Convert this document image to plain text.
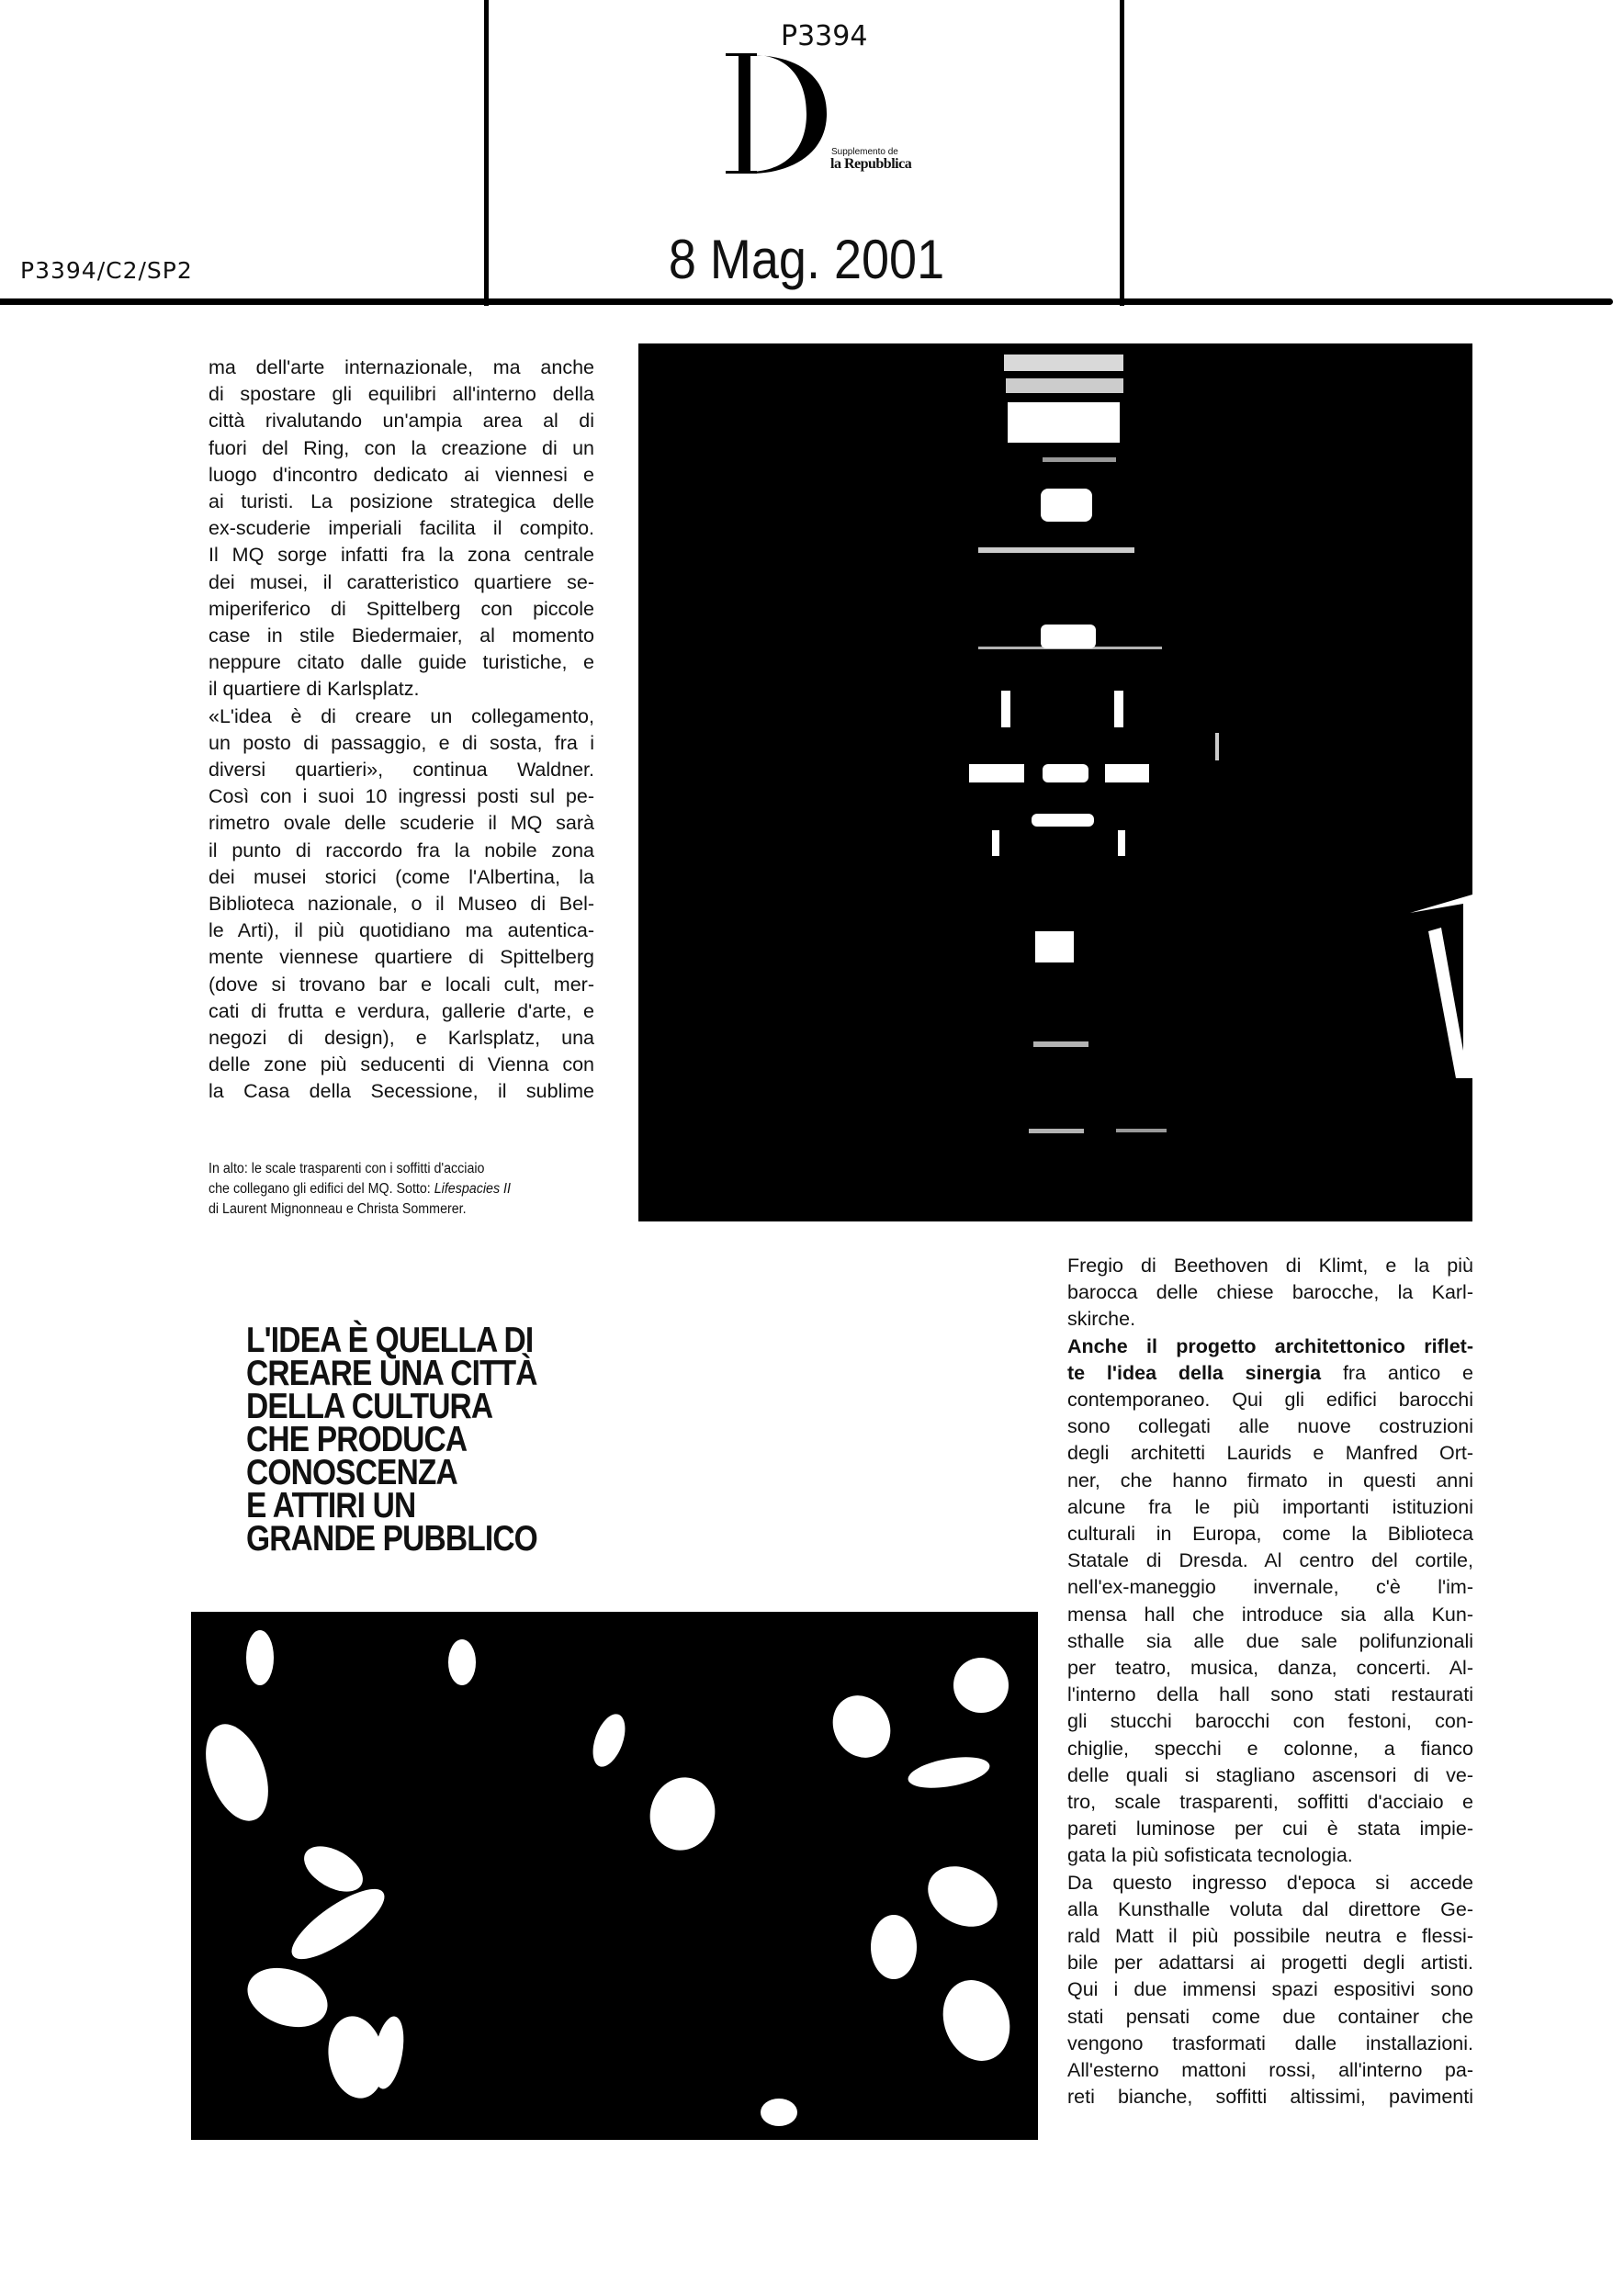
P3394/C2/SP2
P3394
Supplemento de
la Repubblica
8 Mag. 2001
ma dell'arte internazionale, ma anche
di spostare gli equilibri all'interno della
città rivalutando un'ampia area al di
fuori del Ring, con la creazione di un
luogo d'incontro dedicato ai viennesi e
ai turisti. La posizione strategica delle
ex-scuderie imperiali facilita il compito.
Il MQ sorge infatti fra la zona centrale
dei musei, il caratteristico quartiere se-
miperiferico di Spittelberg con piccole
case in stile Biedermaier, al momento
neppure citato dalle guide turistiche, e
il quartiere di Karlsplatz.
«L'idea è di creare un collegamento,
un posto di passaggio, e di sosta, fra i
diversi quartieri», continua Waldner.
Così con i suoi 10 ingressi posti sul pe-
rimetro ovale delle scuderie il MQ sarà
il punto di raccordo fra la nobile zona
dei musei storici (come l'Albertina, la
Biblioteca nazionale, o il Museo di Bel-
le Arti), il più quotidiano ma autentica-
mente viennese quartiere di Spittelberg
(dove si trovano bar e locali cult, mer-
cati di frutta e verdura, gallerie d'arte, e
negozi di design), e Karlsplatz, una
delle zone più seducenti di Vienna con
la Casa della Secessione, il sublime
In alto: le scale trasparenti con i soffitti d'acciaio
che collegano gli edifici del MQ. Sotto: Lifespacies II
di Laurent Mignonneau e Christa Sommerer.
L'IDEA È QUELLA DI
CREARE UNA CITTÀ
DELLA CULTURA
CHE PRODUCA
CONOSCENZA
E ATTIRI UN
GRANDE PUBBLICO
Fregio di Beethoven di Klimt, e la più
barocca delle chiese barocche, la Karl-
skirche.
Anche il progetto architettonico riflet-
te l'idea della sinergia fra antico e
contemporaneo. Qui gli edifici barocchi
sono collegati alle nuove costruzioni
degli architetti Laurids e Manfred Ort-
ner, che hanno firmato in questi anni
alcune fra le più importanti istituzioni
culturali in Europa, come la Biblioteca
Statale di Dresda. Al centro del cortile,
nell'ex-maneggio invernale, c'è l'im-
mensa hall che introduce sia alla Kun-
sthalle sia alle due sale polifunzionali
per teatro, musica, danza, concerti. Al-
l'interno della hall sono stati restaurati
gli stucchi barocchi con festoni, con-
chiglie, specchi e colonne, a fianco
delle quali si stagliano ascensori di ve-
tro, scale trasparenti, soffitti d'acciaio e
pareti luminose per cui è stata impie-
gata la più sofisticata tecnologia.
Da questo ingresso d'epoca si accede
alla Kunsthalle voluta dal direttore Ge-
rald Matt il più possibile neutra e flessi-
bile per adattarsi ai progetti degli artisti.
Qui i due immensi spazi espositivi sono
stati pensati come due container che
vengono trasformati dalle installazioni.
All'esterno mattoni rossi, all'interno pa-
reti bianche, soffitti altissimi, pavimenti
